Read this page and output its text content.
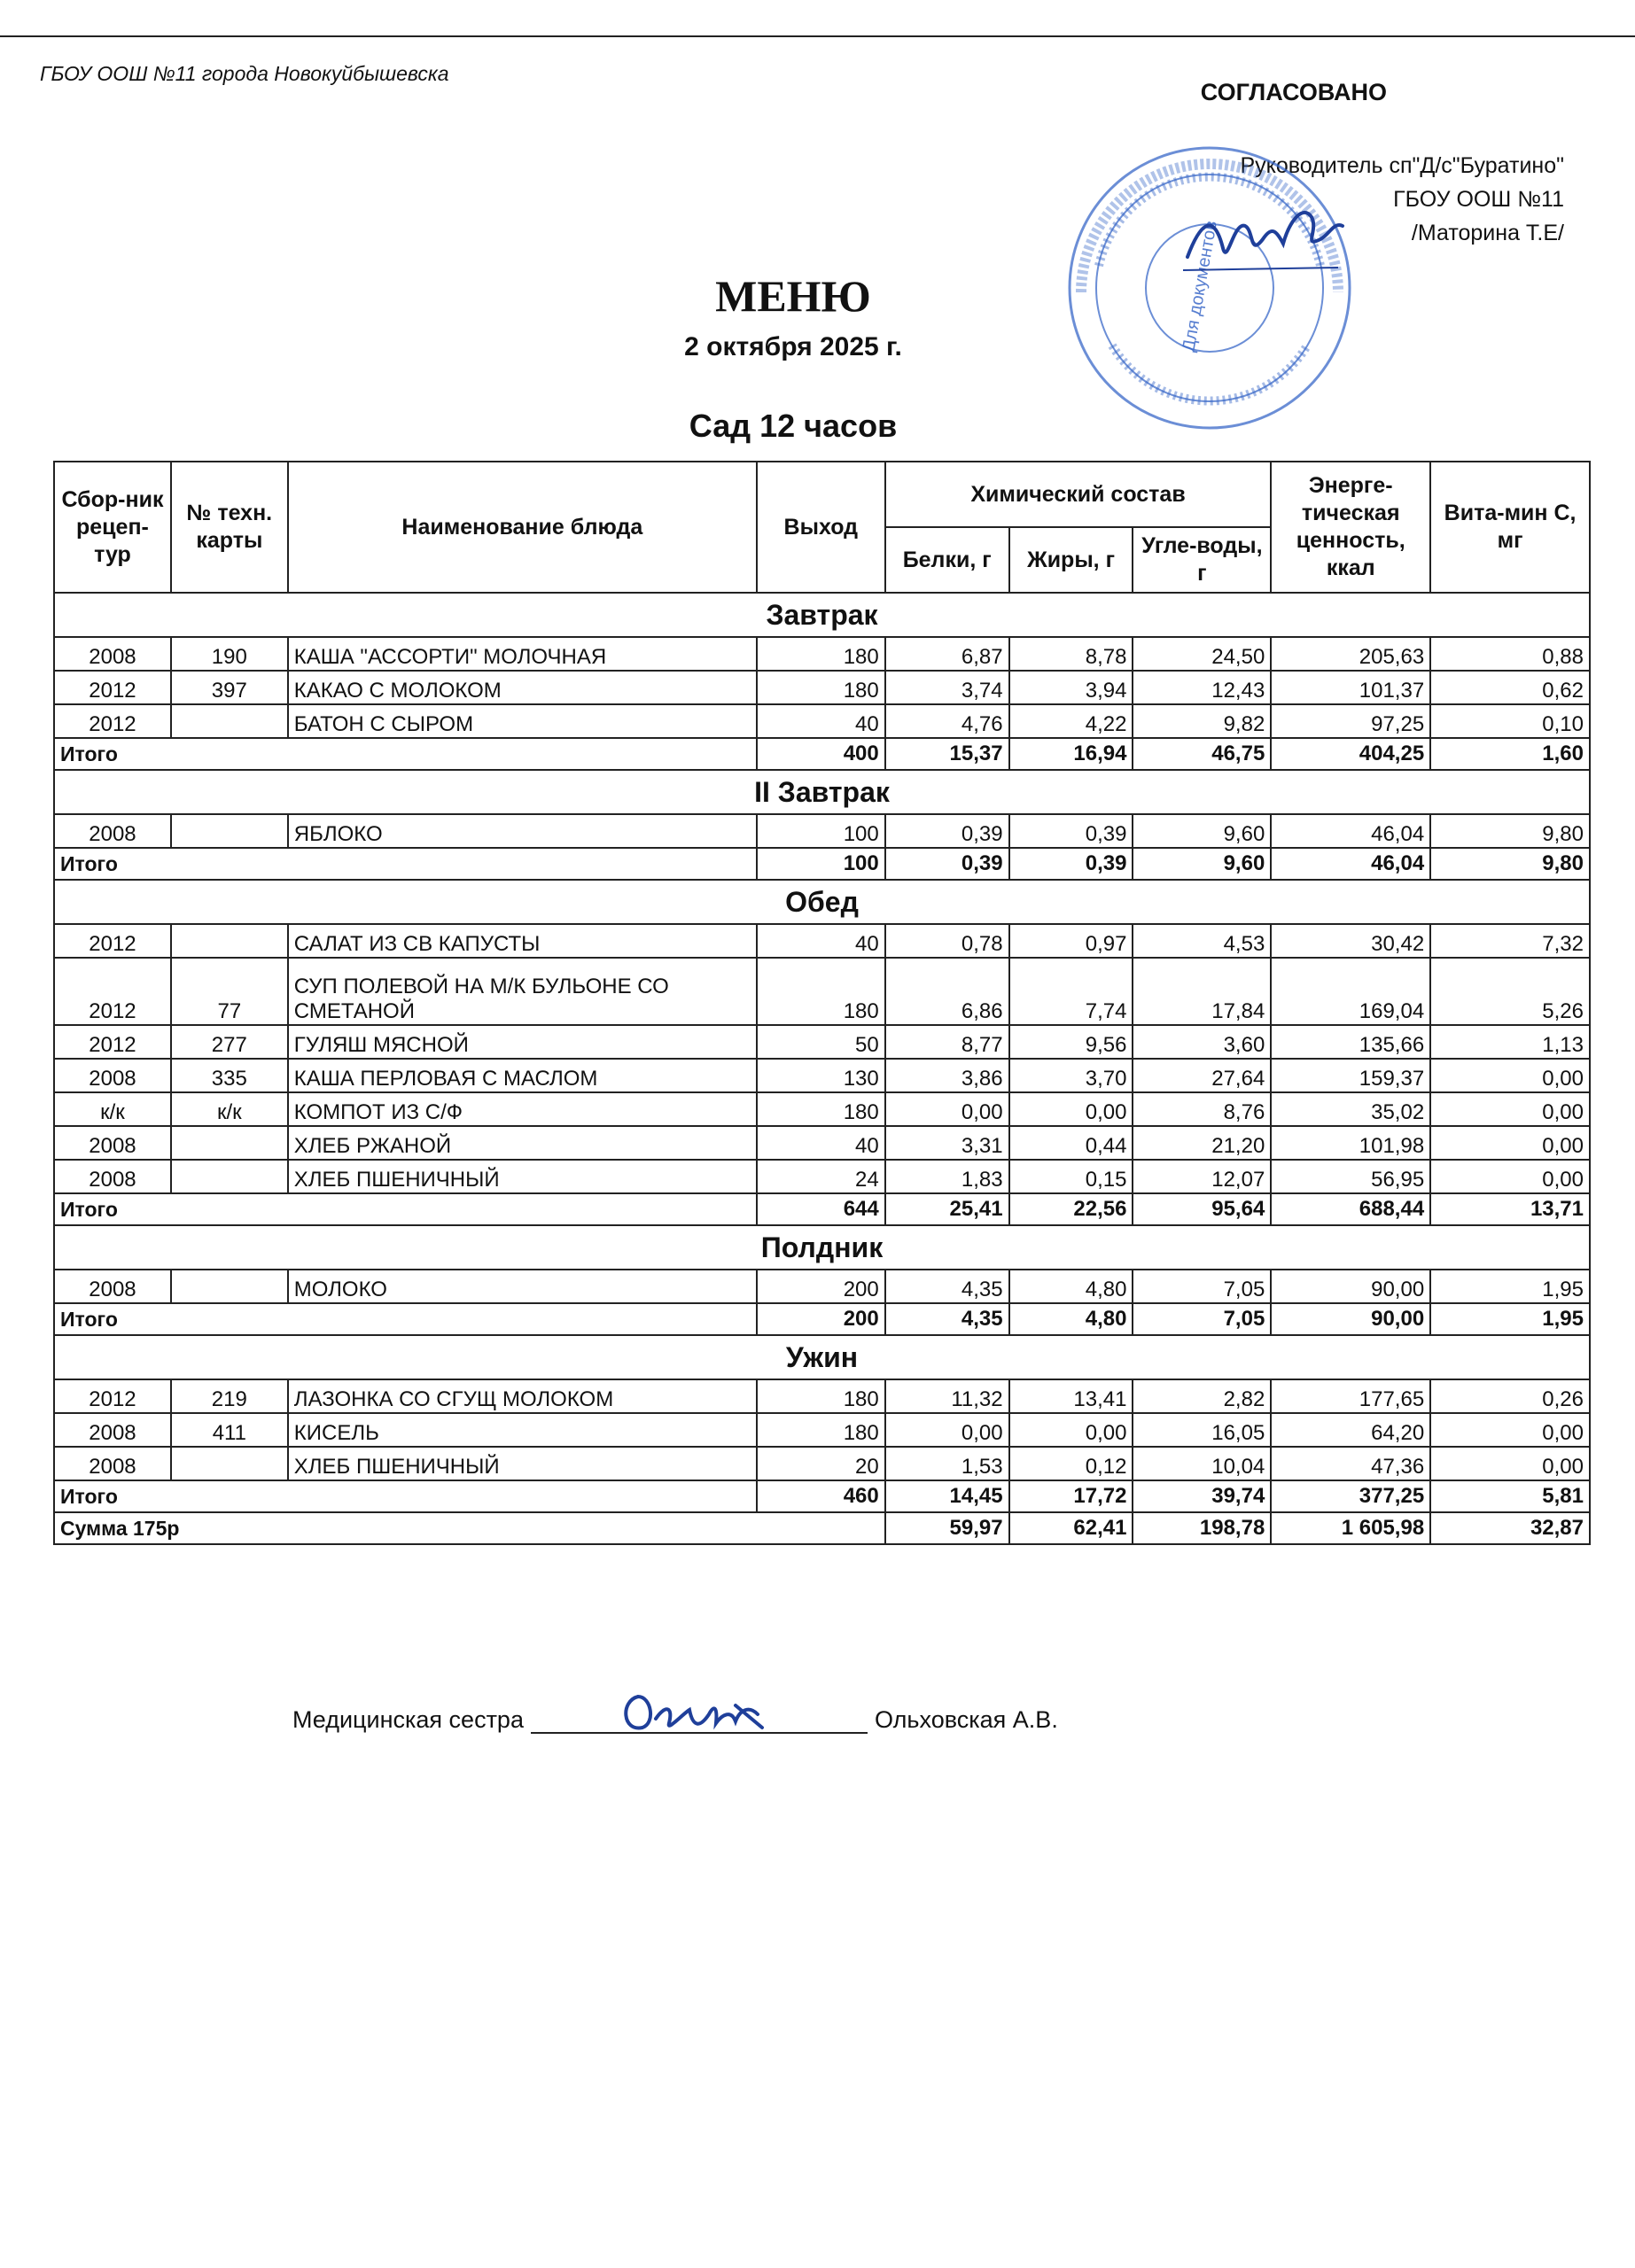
ГБОУ ООШ №11 города Новокуйбышевска
СОГЛАСОВАНО
Руководитель сп"Д/с"Буратино"
ГБОУ ООШ №11
/Маторина Т.Е/
Для документов
МЕНЮ
2 октября 2025 г.
Сад 12 часов
Сбор-ник рецеп-тур	№ техн. карты	Наименование блюда	Выход	Химический состав			Энерге-тическая ценность, ккал	Вита-мин С, мг
				Белки, г	Жиры, г	Угле-воды, г		
Завтрак								
2008	190	КАША "АССОРТИ" МОЛОЧНАЯ	180	6,87	8,78	24,50	205,63	0,88
2012	397	КАКАО С МОЛОКОМ	180	3,74	3,94	12,43	101,37	0,62
2012		БАТОН С СЫРОМ	40	4,76	4,22	9,82	97,25	0,10
Итого			400	15,37	16,94	46,75	404,25	1,60
II Завтрак								
2008		ЯБЛОКО	100	0,39	0,39	9,60	46,04	9,80
Итого			100	0,39	0,39	9,60	46,04	9,80
Обед								
2012		САЛАТ ИЗ СВ КАПУСТЫ	40	0,78	0,97	4,53	30,42	7,32
2012	77	СУП ПОЛЕВОЙ НА М/К БУЛЬОНЕ СО СМЕТАНОЙ	180	6,86	7,74	17,84	169,04	5,26
2012	277	ГУЛЯШ МЯСНОЙ	50	8,77	9,56	3,60	135,66	1,13
2008	335	КАША ПЕРЛОВАЯ С МАСЛОМ	130	3,86	3,70	27,64	159,37	0,00
к/к	к/к	КОМПОТ ИЗ С/Ф	180	0,00	0,00	8,76	35,02	0,00
2008		ХЛЕБ РЖАНОЙ	40	3,31	0,44	21,20	101,98	0,00
2008		ХЛЕБ ПШЕНИЧНЫЙ	24	1,83	0,15	12,07	56,95	0,00
Итого			644	25,41	22,56	95,64	688,44	13,71
Полдник								
2008		МОЛОКО	200	4,35	4,80	7,05	90,00	1,95
Итого			200	4,35	4,80	7,05	90,00	1,95
Ужин								
2012	219	ЛАЗОНКА СО СГУЩ МОЛОКОМ	180	11,32	13,41	2,82	177,65	0,26
2008	411	КИСЕЛЬ	180	0,00	0,00	16,05	64,20	0,00
2008		ХЛЕБ ПШЕНИЧНЫЙ	20	1,53	0,12	10,04	47,36	0,00
Итого			460	14,45	17,72	39,74	377,25	5,81
Сумма 175р				59,97	62,41	198,78	1 605,98	32,87
Медицинская сестра	Ольховская А.В.
